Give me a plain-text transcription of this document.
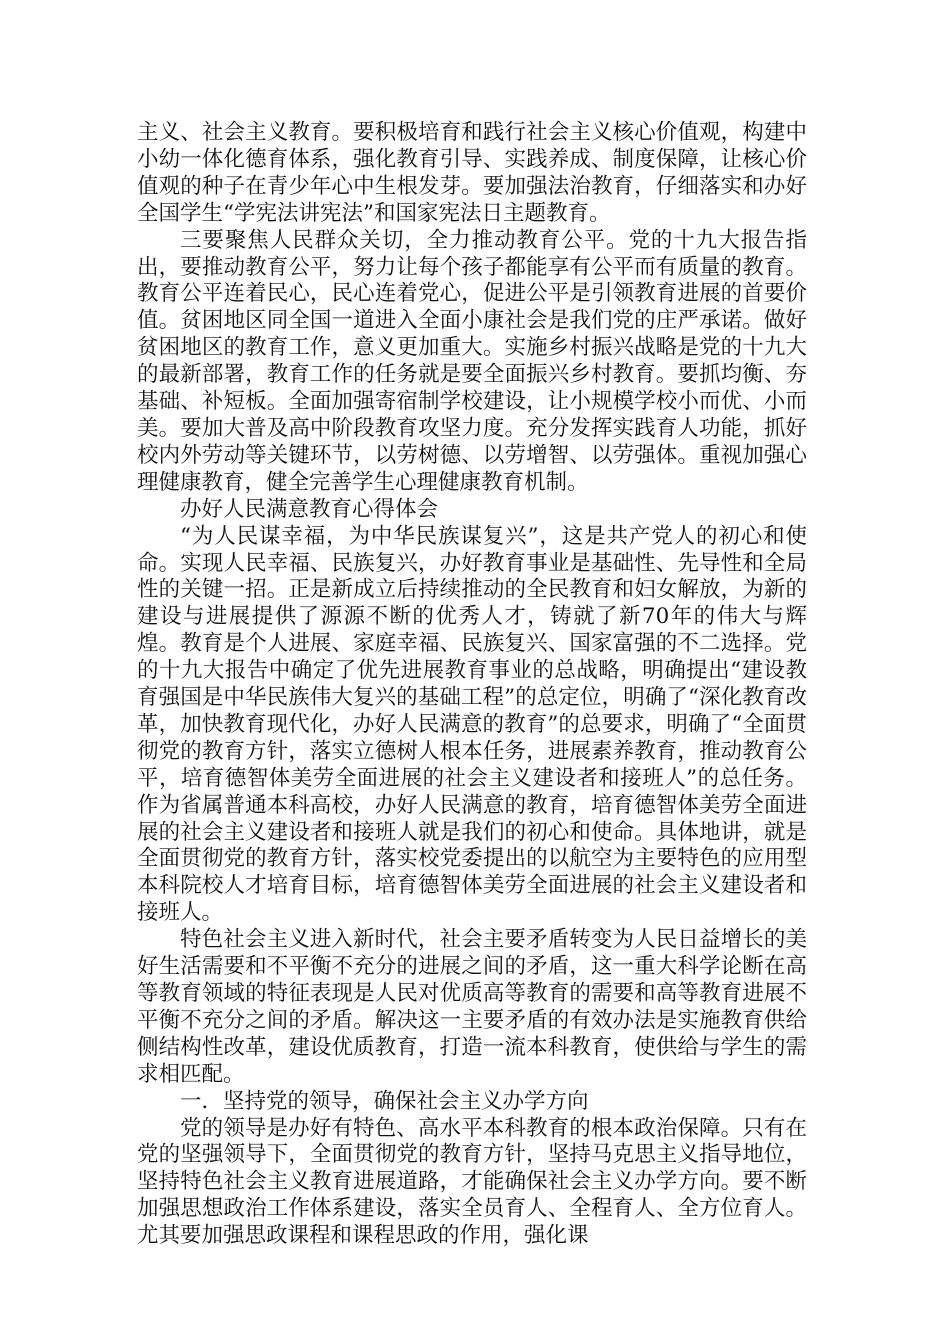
主义、社会主义教育。要积极培育和践行社会主义核心价值观，构建中小幼一体化德育体系，强化教育引导、实践养成、制度保障，让核心价值观的种子在青少年心中生根发芽。要加强法治教育，仔细落实和办好全国学生“学宪法讲宪法”和国家宪法日主题教育。

三要聚焦人民群众关切，全力推动教育公平。党的十九大报告指出，要推动教育公平，努力让每个孩子都能享有公平而有质量的教育。教育公平连着民心，民心连着党心，促进公平是引领教育进展的首要价值。贫困地区同全国一道进入全面小康社会是我们党的庄严承诺。做好贫困地区的教育工作，意义更加重大。实施乡村振兴战略是党的十九大的最新部署，教育工作的任务就是要全面振兴乡村教育。要抓均衡、夯基础、补短板。全面加强寄宿制学校建设，让小规模学校小而优、小而美。要加大普及高中阶段教育攻坚力度。充分发挥实践育人功能，抓好校内外劳动等关键环节，以劳树德、以劳增智、以劳强体。重视加强心理健康教育，健全完善学生心理健康教育机制。

办好人民满意教育心得体会

“为人民谋幸福，为中华民族谋复兴”，这是共产党人的初心和使命。实现人民幸福、民族复兴，办好教育事业是基础性、先导性和全局性的关键一招。正是新成立后持续推动的全民教育和妇女解放，为新的建设与进展提供了源源不断的优秀人才，铸就了新70年的伟大与辉煌。教育是个人进展、家庭幸福、民族复兴、国家富强的不二选择。党的十九大报告中确定了优先进展教育事业的总战略，明确提出“建设教育强国是中华民族伟大复兴的基础工程”的总定位，明确了“深化教育改革，加快教育现代化，办好人民满意的教育”的总要求，明确了“全面贯彻党的教育方针，落实立德树人根本任务，进展素养教育，推动教育公平，培育德智体美劳全面进展的社会主义建设者和接班人”的总任务。作为省属普通本科高校，办好人民满意的教育，培育德智体美劳全面进展的社会主义建设者和接班人就是我们的初心和使命。具体地讲，就是全面贯彻党的教育方针，落实校党委提出的以航空为主要特色的应用型本科院校人才培育目标，培育德智体美劳全面进展的社会主义建设者和接班人。

特色社会主义进入新时代，社会主要矛盾转变为人民日益增长的美好生活需要和不平衡不充分的进展之间的矛盾，这一重大科学论断在高等教育领域的特征表现是人民对优质高等教育的需要和高等教育进展不平衡不充分之间的矛盾。解决这一主要矛盾的有效办法是实施教育供给侧结构性改革，建设优质教育，打造一流本科教育，使供给与学生的需求相匹配。

一．坚持党的领导，确保社会主义办学方向

党的领导是办好有特色、高水平本科教育的根本政治保障。只有在党的坚强领导下，全面贯彻党的教育方针，坚持马克思主义指导地位，坚持特色社会主义教育进展道路，才能确保社会主义办学方向。要不断加强思想政治工作体系建设，落实全员育人、全程育人、全方位育人。尤其要加强思政课程和课程思政的作用，强化课
